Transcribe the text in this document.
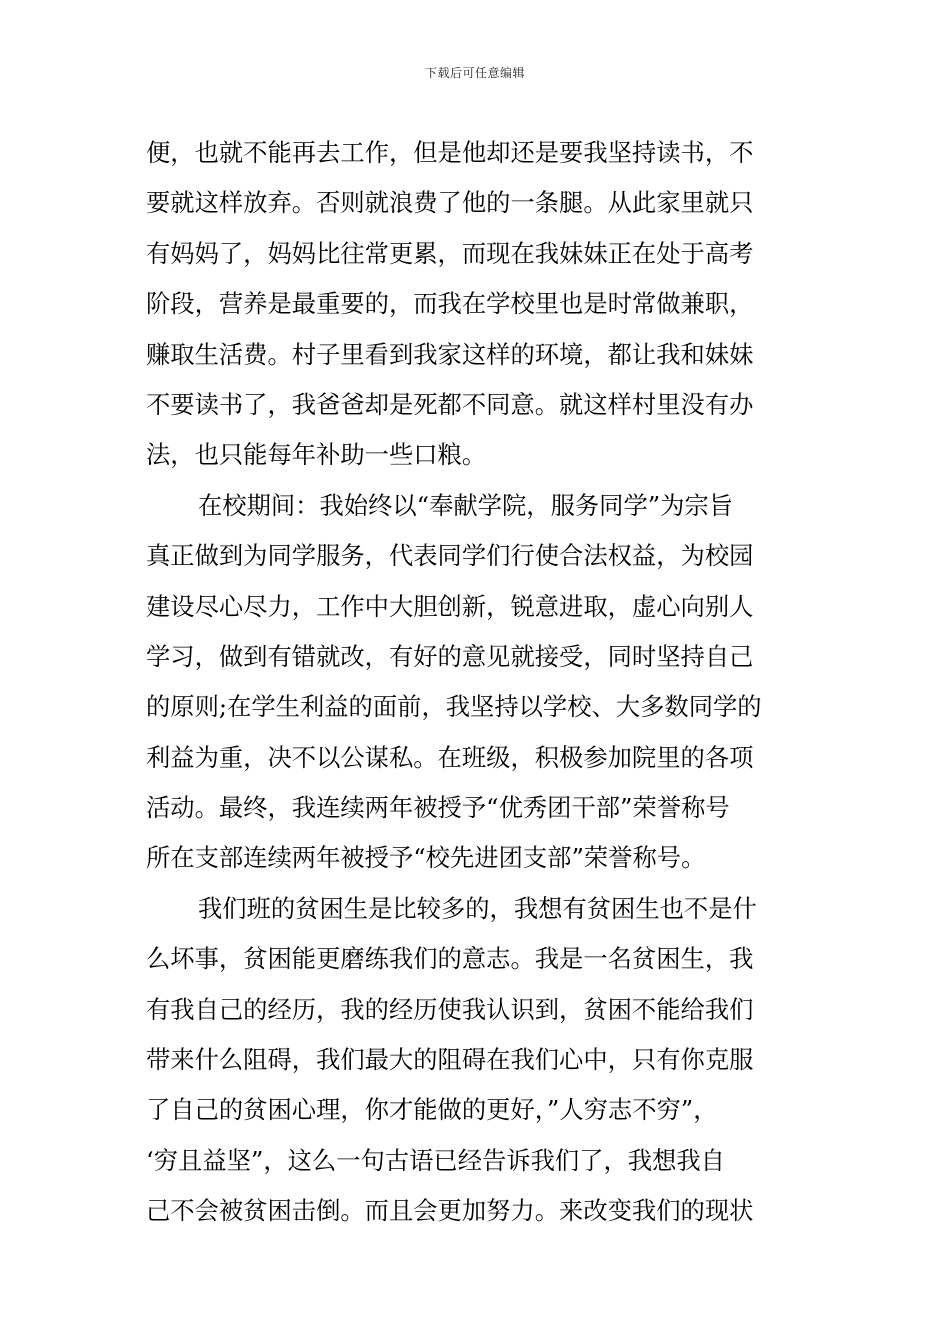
下载后可任意编辑
便，也就不能再去工作，但是他却还是要我坚持读书，不
要就这样放弃。否则就浪费了他的一条腿。从此家里就只
有妈妈了，妈妈比往常更累，而现在我妹妹正在处于高考
阶段，营养是最重要的，而我在学校里也是时常做兼职，
赚取生活费。村子里看到我家这样的环境，都让我和妹妹
不要读书了，我爸爸却是死都不同意。就这样村里没有办
法，也只能每年补助一些口粮。
在校期间：我始终以“奉献学院，服务同学”为宗旨
真正做到为同学服务，代表同学们行使合法权益，为校园
建设尽心尽力，工作中大胆创新，锐意进取，虚心向别人
学习，做到有错就改，有好的意见就接受，同时坚持自己
的原则;在学生利益的面前，我坚持以学校、大多数同学的
利益为重，决不以公谋私。在班级，积极参加院里的各项
活动。最终，我连续两年被授予“优秀团干部”荣誉称号
所在支部连续两年被授予“校先进团支部”荣誉称号。
我们班的贫困生是比较多的，我想有贫困生也不是什
么坏事，贫困能更磨练我们的意志。我是一名贫困生，我
有我自己的经历，我的经历使我认识到，贫困不能给我们
带来什么阻碍，我们最大的阻碍在我们心中，只有你克服
了自己的贫困心理，你才能做的更好，”人穷志不穷”，
‘穷且益坚”，这么一句古语已经告诉我们了，我想我自
己不会被贫困击倒。而且会更加努力。来改变我们的现状
